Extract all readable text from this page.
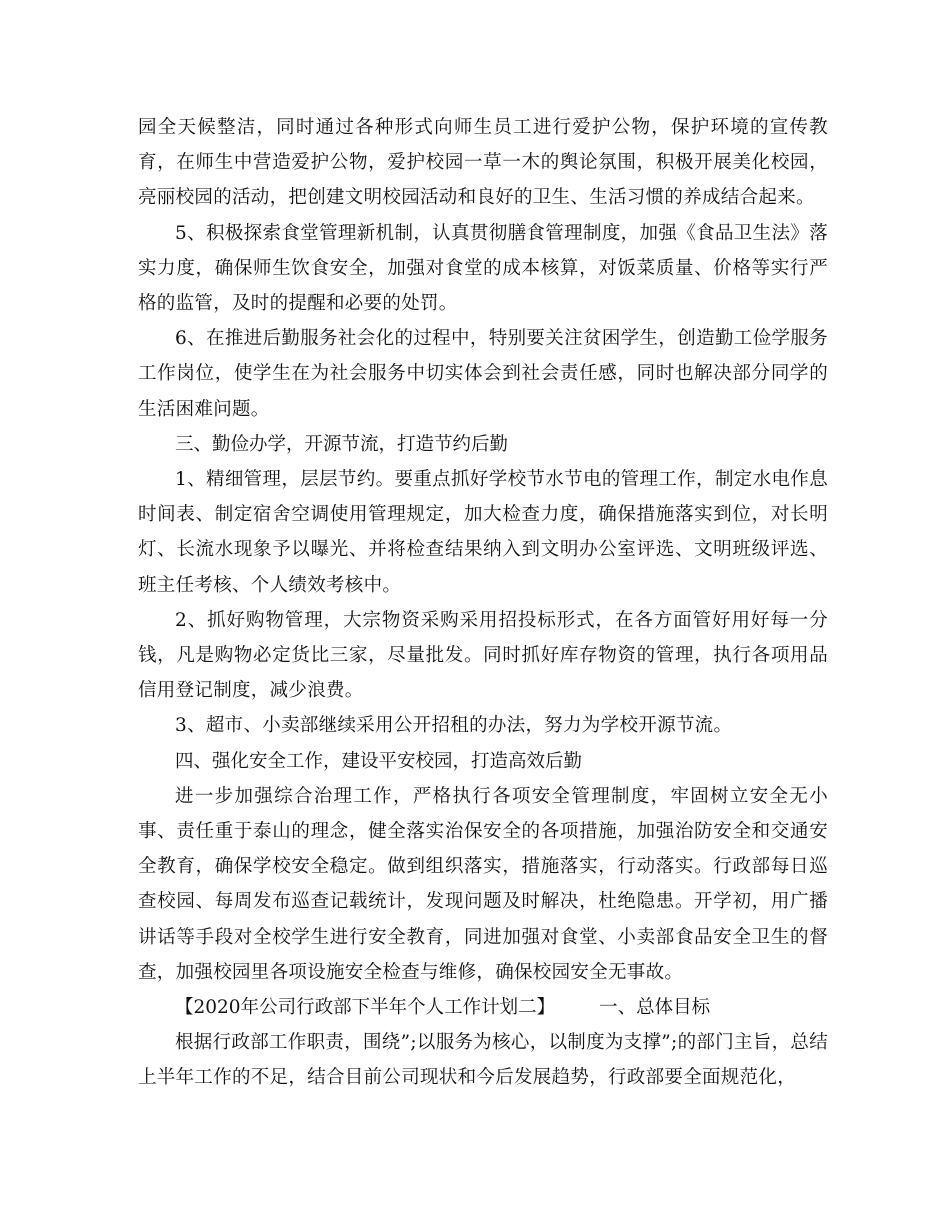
园全天候整洁，同时通过各种形式向师生员工进行爱护公物，保护环境的宣传教育，在师生中营造爱护公物，爱护校园一草一木的舆论氛围，积极开展美化校园，亮丽校园的活动，把创建文明校园活动和良好的卫生、生活习惯的养成结合起来。

5、积极探索食堂管理新机制，认真贯彻膳食管理制度，加强《食品卫生法》落实力度，确保师生饮食安全，加强对食堂的成本核算，对饭菜质量、价格等实行严格的监管，及时的提醒和必要的处罚。

6、在推进后勤服务社会化的过程中，特别要关注贫困学生，创造勤工俭学服务工作岗位，使学生在为社会服务中切实体会到社会责任感，同时也解决部分同学的生活困难问题。

三、勤俭办学，开源节流，打造节约后勤

1、精细管理，层层节约。要重点抓好学校节水节电的管理工作，制定水电作息时间表、制定宿舍空调使用管理规定，加大检查力度，确保措施落实到位，对长明灯、长流水现象予以曝光、并将检查结果纳入到文明办公室评选、文明班级评选、班主任考核、个人绩效考核中。

2、抓好购物管理，大宗物资采购采用招投标形式，在各方面管好用好每一分钱，凡是购物必定货比三家，尽量批发。同时抓好库存物资的管理，执行各项用品信用登记制度，减少浪费。

3、超市、小卖部继续采用公开招租的办法，努力为学校开源节流。

四、强化安全工作，建设平安校园，打造高效后勤

进一步加强综合治理工作，严格执行各项安全管理制度，牢固树立安全无小事、责任重于泰山的理念，健全落实治保安全的各项措施，加强治防安全和交通安全教育，确保学校安全稳定。做到组织落实，措施落实，行动落实。行政部每日巡查校园、每周发布巡查记载统计，发现问题及时解决，杜绝隐患。开学初，用广播讲话等手段对全校学生进行安全教育，同进加强对食堂、小卖部食品安全卫生的督查，加强校园里各项设施安全检查与维修，确保校园安全无事故。

【2020年公司行政部下半年个人工作计划二】 一、总体目标

根据行政部工作职责，围绕”;以服务为核心，以制度为支撑”;的部门主旨，总结上半年工作的不足，结合目前公司现状和今后发展趋势，行政部要全面规范化，
